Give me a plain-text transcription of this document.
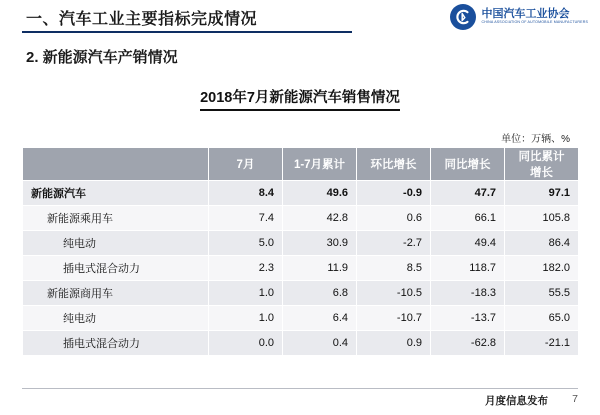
一、汽车工业主要指标完成情况	中国汽车工业协会
CHINA ASSOCIATION OF AUTOMOBILE MANUFACTURERS
2. 新能源汽车产销情况
2018年7月新能源汽车销售情况
单位：万辆、%
	7月	1-7月累计	环比增长	同比增长	同比累计增长
新能源汽车	8.4	49.6	-0.9	47.7	97.1
新能源乘用车	7.4	42.8	0.6	66.1	105.8
纯电动	5.0	30.9	-2.7	49.4	86.4
插电式混合动力	2.3	11.9	8.5	118.7	182.0
新能源商用车	1.0	6.8	-10.5	-18.3	55.5
纯电动	1.0	6.4	-10.7	-13.7	65.0
插电式混合动力	0.0	0.4	0.9	-62.8	-21.1
月度信息发布 7
